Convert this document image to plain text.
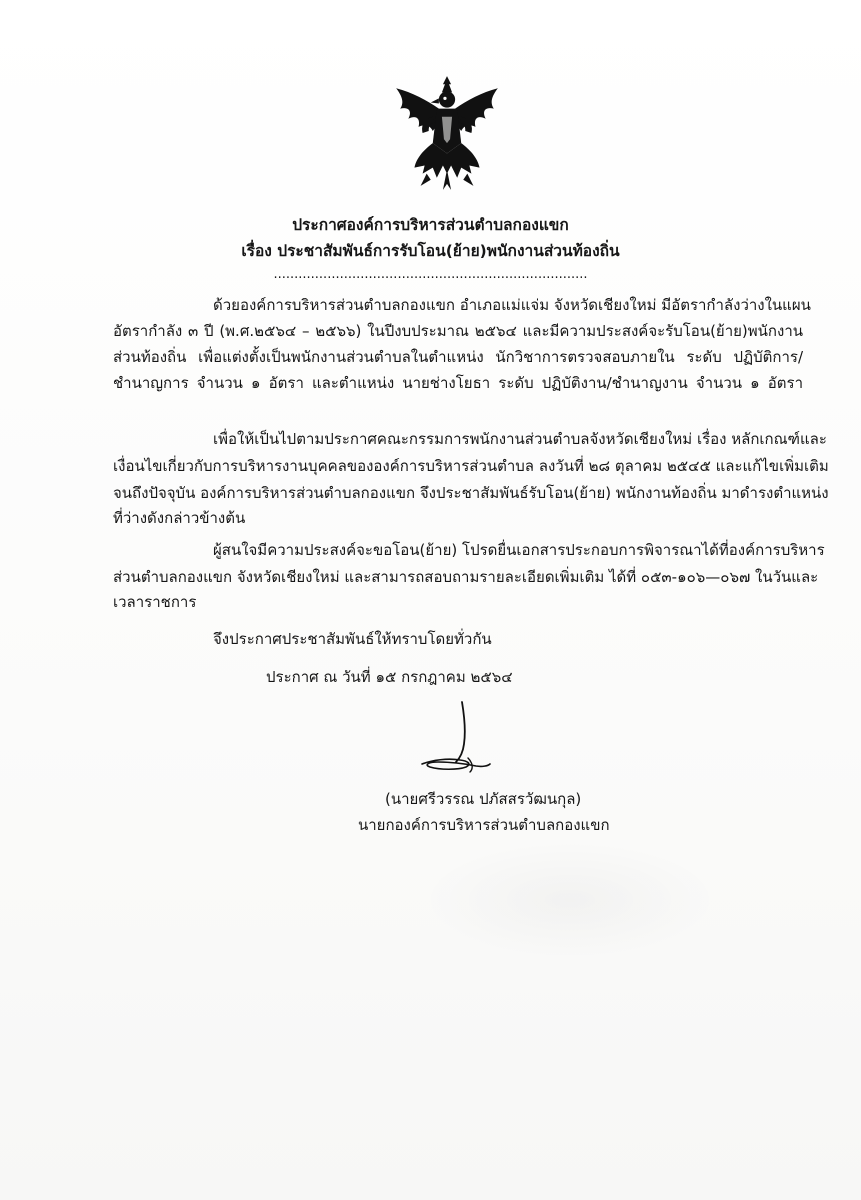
ประกาศองค์การบริหารส่วนตำบลกองแขก
เรื่อง ประชาสัมพันธ์การรับโอน(ย้าย)พนักงานส่วนท้องถิ่น
............................................................................
ด้วยองค์การบริหารส่วนตำบลกองแขก อำเภอแม่แจ่ม จังหวัดเชียงใหม่ มีอัตรากำลังว่างในแผน
อัตรากำลัง ๓ ปี (พ.ศ.๒๕๖๔ – ๒๕๖๖) ในปีงบประมาณ ๒๕๖๔ และมีความประสงค์จะรับโอน(ย้าย)พนักงาน
ส่วนท้องถิ่น เพื่อแต่งตั้งเป็นพนักงานส่วนตำบลในตำแหน่ง นักวิชาการตรวจสอบภายใน ระดับ ปฏิบัติการ/
ชำนาญการ จำนวน ๑ อัตรา และตำแหน่ง นายช่างโยธา ระดับ ปฏิบัติงาน/ชำนาญงาน จำนวน ๑ อัตรา
เพื่อให้เป็นไปตามประกาศคณะกรรมการพนักงานส่วนตำบลจังหวัดเชียงใหม่ เรื่อง หลักเกณฑ์และ
เงื่อนไขเกี่ยวกับการบริหารงานบุคคลขององค์การบริหารส่วนตำบล ลงวันที่ ๒๘ ตุลาคม ๒๕๔๕ และแก้ไขเพิ่มเติม
จนถึงปัจจุบัน องค์การบริหารส่วนตำบลกองแขก จึงประชาสัมพันธ์รับโอน(ย้าย) พนักงานท้องถิ่น มาดำรงตำแหน่ง
ที่ว่างดังกล่าวข้างต้น
ผู้สนใจมีความประสงค์จะขอโอน(ย้าย) โปรดยื่นเอกสารประกอบการพิจารณาได้ที่องค์การบริหาร
ส่วนตำบลกองแขก จังหวัดเชียงใหม่ และสามารถสอบถามรายละเอียดเพิ่มเติม ได้ที่ ๐๕๓-๑๐๖—๐๖๗ ในวันและ
เวลาราชการ
จึงประกาศประชาสัมพันธ์ให้ทราบโดยทั่วกัน
ประกาศ ณ วันที่ ๑๕ กรกฎาคม ๒๕๖๔
(นายศรีวรรณ ปภัสสรวัฒนกุล)
นายกองค์การบริหารส่วนตำบลกองแขก
